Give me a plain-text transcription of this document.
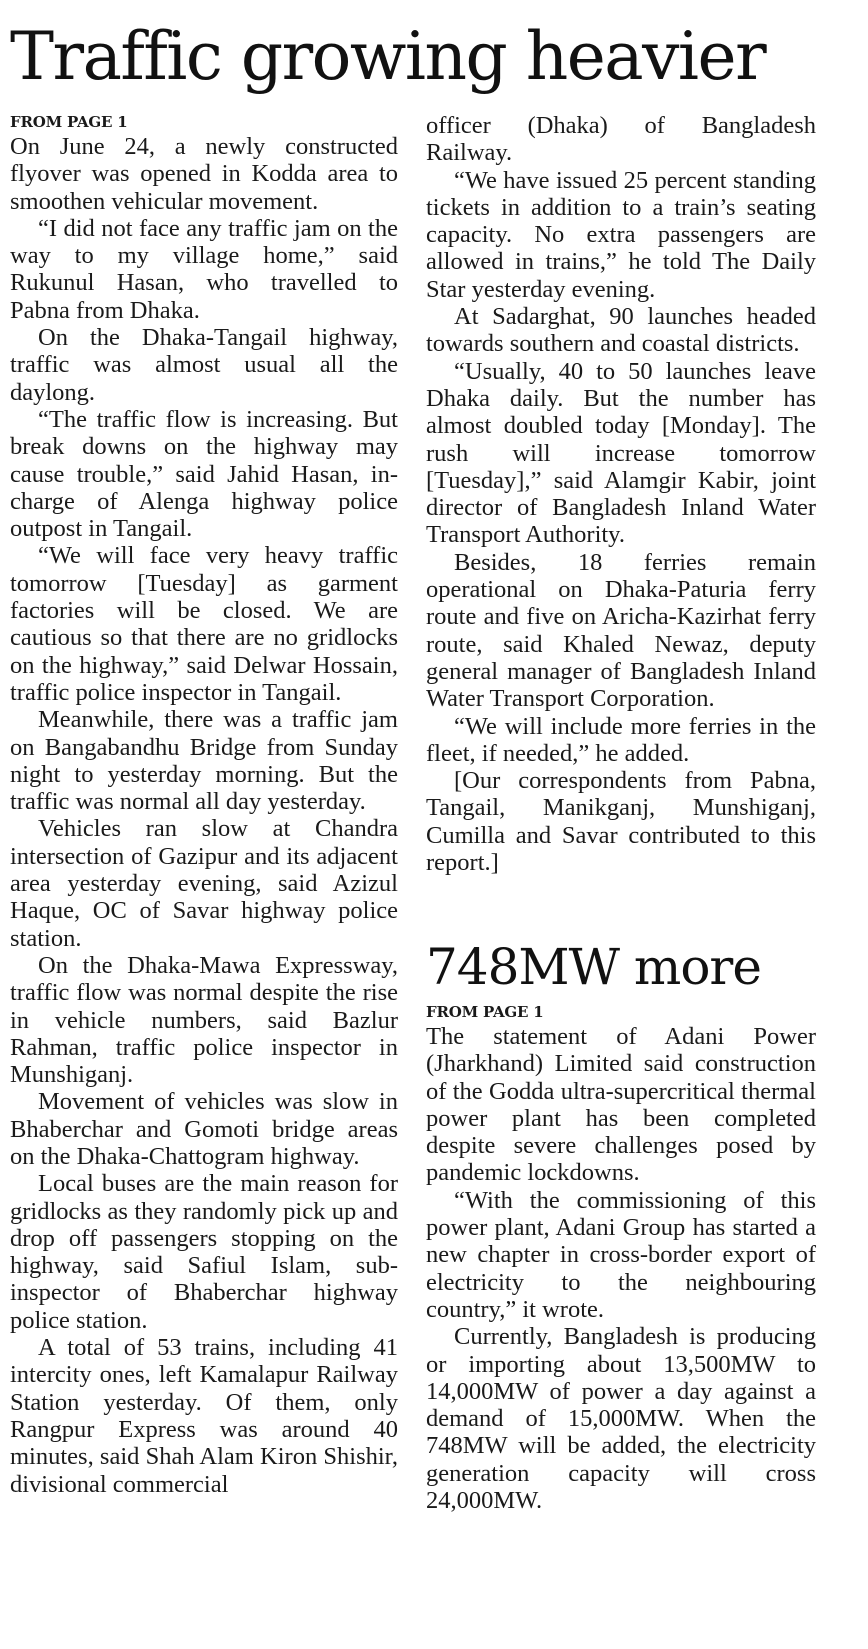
Traffic growing heavier
FROM PAGE 1

On June 24, a newly constructed flyover was opened in Kodda area to smoothen vehicular movement.

“I did not face any traffic jam on the way to my village home,” said Rukunul Hasan, who travelled to Pabna from Dhaka.

On the Dhaka-Tangail highway, traffic was almost usual all the daylong.

“The traffic flow is increasing. But break downs on the highway may cause trouble,” said Jahid Hasan, in-charge of Alenga highway police outpost in Tangail.

“We will face very heavy traffic tomorrow [Tuesday] as garment factories will be closed. We are cautious so that there are no gridlocks on the highway,” said Delwar Hossain, traffic police inspector in Tangail.

Meanwhile, there was a traffic jam on Bangabandhu Bridge from Sunday night to yesterday morning. But the traffic was normal all day yesterday.

Vehicles ran slow at Chandra intersection of Gazipur and its adjacent area yesterday evening, said Azizul Haque, OC of Savar highway police station.

On the Dhaka-Mawa Expressway, traffic flow was normal despite the rise in vehicle numbers, said Bazlur Rahman, traffic police inspector in Munshiganj.

Movement of vehicles was slow in Bhaberchar and Gomoti bridge areas on the Dhaka-Chattogram highway.

Local buses are the main reason for gridlocks as they randomly pick up and drop off passengers stopping on the highway, said Safiul Islam, sub-inspector of Bhaberchar highway police station.

A total of 53 trains, including 41 intercity ones, left Kamalapur Railway Station yesterday. Of them, only Rangpur Express was around 40 minutes, said Shah Alam Kiron Shishir, divisional commercial

officer (Dhaka) of Bangladesh Railway.

“We have issued 25 percent standing tickets in addition to a train’s seating capacity. No extra passengers are allowed in trains,” he told The Daily Star yesterday evening.

At Sadarghat, 90 launches headed towards southern and coastal districts.

“Usually, 40 to 50 launches leave Dhaka daily. But the number has almost doubled today [Monday]. The rush will increase tomorrow [Tuesday],” said Alamgir Kabir, joint director of Bangladesh Inland Water Transport Authority.

Besides, 18 ferries remain operational on Dhaka-Paturia ferry route and five on Aricha-Kazirhat ferry route, said Khaled Newaz, deputy general manager of Bangladesh Inland Water Transport Corporation.

“We will include more ferries in the fleet, if needed,” he added.

[Our correspondents from Pabna, Tangail, Manikganj, Munshiganj, Cumilla and Savar contributed to this report.]

748MW more
FROM PAGE 1

The statement of Adani Power (Jharkhand) Limited said construction of the Godda ultra-supercritical thermal power plant has been completed despite severe challenges posed by pandemic lockdowns.

“With the commissioning of this power plant, Adani Group has started a new chapter in cross-border export of electricity to the neighbouring country,” it wrote.

Currently, Bangladesh is producing or importing about 13,500MW to 14,000MW of power a day against a demand of 15,000MW. When the 748MW will be added, the electricity generation capacity will cross 24,000MW.
